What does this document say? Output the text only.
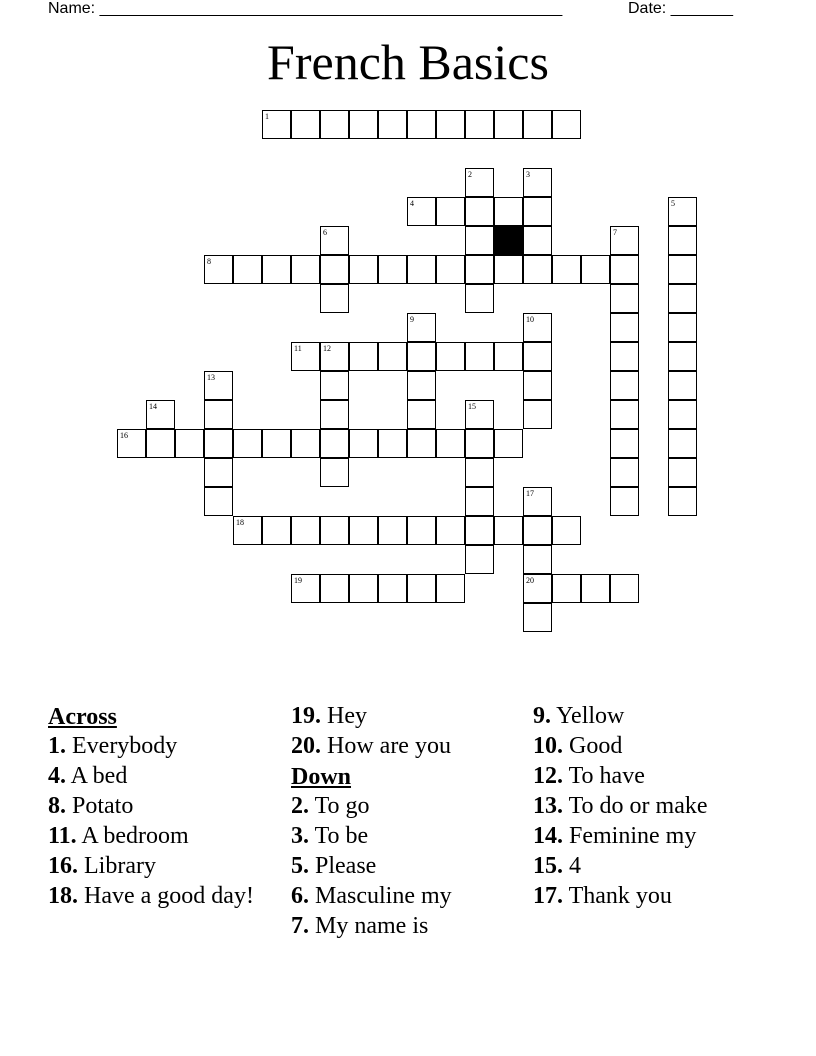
Name: ____________________________________________________	Date: _______
French Basics
1
2	3
4	5
6	7
8
9	10
11	12
13
14	15
16
17
18
19	20
Across
1. Everybody
4. A bed
8. Potato
11. A bedroom
16. Library
18. Have a good day!
19. Hey
20. How are you
Down
2. To go
3. To be
5. Please
6. Masculine my
7. My name is
9. Yellow
10. Good
12. To have
13. To do or make
14. Feminine my
15. 4
17. Thank you
